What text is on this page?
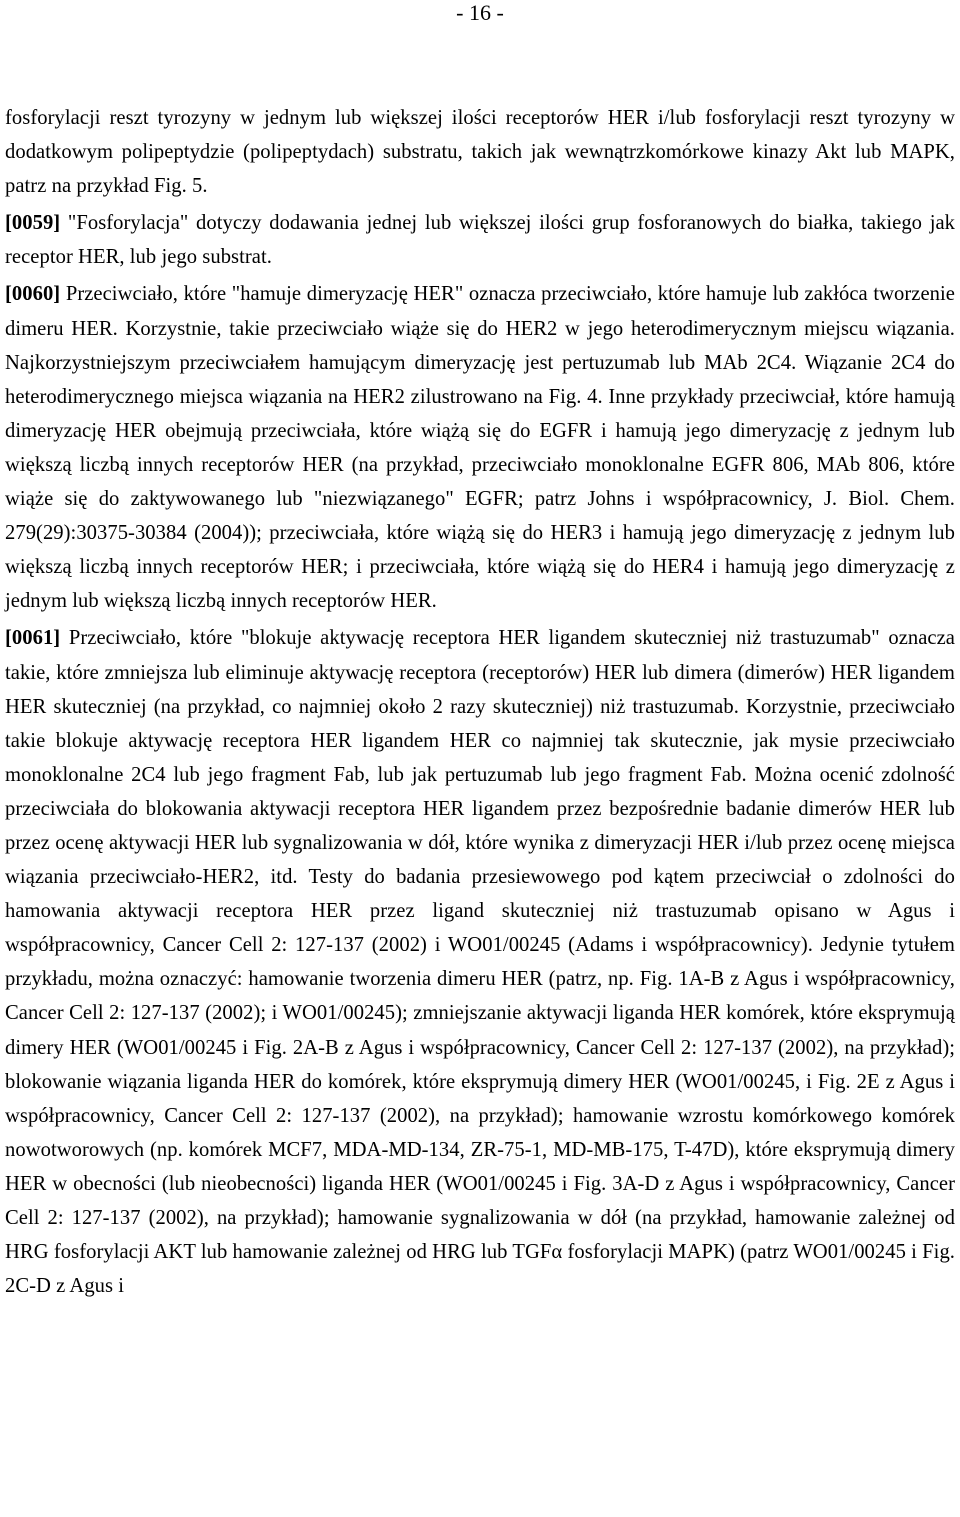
- 16 -

fosforylacji reszt tyrozyny w jednym lub większej ilości receptorów HER i/lub fosforylacji reszt tyrozyny w dodatkowym polipeptydzie (polipeptydach) substratu, takich jak wewnątrzkomórkowe kinazy Akt lub MAPK, patrz na przykład Fig. 5.

[0059] "Fosforylacja" dotyczy dodawania jednej lub większej ilości grup fosforanowych do białka, takiego jak receptor HER, lub jego substrat.

[0060] Przeciwciało, które "hamuje dimeryzację HER" oznacza przeciwciało, które hamuje lub zakłóca tworzenie dimeru HER. Korzystnie, takie przeciwciało wiąże się do HER2 w jego heterodimerycznym miejscu wiązania. Najkorzystniejszym przeciwciałem hamującym dimeryzację jest pertuzumab lub MAb 2C4. Wiązanie 2C4 do heterodimerycznego miejsca wiązania na HER2 zilustrowano na Fig. 4. Inne przykłady przeciwciał, które hamują dimeryzację HER obejmują przeciwciała, które wiążą się do EGFR i hamują jego dimeryzację z jednym lub większą liczbą innych receptorów HER (na przykład, przeciwciało monoklonalne EGFR 806, MAb 806, które wiąże się do zaktywowanego lub "niezwiązanego" EGFR; patrz Johns i współpracownicy, J. Biol. Chem. 279(29):30375-30384 (2004)); przeciwciała, które wiążą się do HER3 i hamują jego dimeryzację z jednym lub większą liczbą innych receptorów HER; i przeciwciała, które wiążą się do HER4 i hamują jego dimeryzację z jednym lub większą liczbą innych receptorów HER.

[0061] Przeciwciało, które "blokuje aktywację receptora HER ligandem skuteczniej niż trastuzumab" oznacza takie, które zmniejsza lub eliminuje aktywację receptora (receptorów) HER lub dimera (dimerów) HER ligandem HER skuteczniej (na przykład, co najmniej około 2 razy skuteczniej) niż trastuzumab. Korzystnie, przeciwciało takie blokuje aktywację receptora HER ligandem HER co najmniej tak skutecznie, jak mysie przeciwciało monoklonalne 2C4 lub jego fragment Fab, lub jak pertuzumab lub jego fragment Fab. Można ocenić zdolność przeciwciała do blokowania aktywacji receptora HER ligandem przez bezpośrednie badanie dimerów HER lub przez ocenę aktywacji HER lub sygnalizowania w dół, które wynika z dimeryzacji HER i/lub przez ocenę miejsca wiązania przeciwciało-HER2, itd. Testy do badania przesiewowego pod kątem przeciwciał o zdolności do hamowania aktywacji receptora HER przez ligand skuteczniej niż trastuzumab opisano w Agus i współpracownicy, Cancer Cell 2: 127-137 (2002) i WO01/00245 (Adams i współpracownicy). Jedynie tytułem przykładu, można oznaczyć: hamowanie tworzenia dimeru HER (patrz, np. Fig. 1A-B z Agus i współpracownicy, Cancer Cell 2: 127-137 (2002); i WO01/00245); zmniejszanie aktywacji liganda HER komórek, które eksprymują dimery HER (WO01/00245 i Fig. 2A-B z Agus i współpracownicy, Cancer Cell 2: 127-137 (2002), na przykład); blokowanie wiązania liganda HER do komórek, które eksprymują dimery HER (WO01/00245, i Fig. 2E z Agus i współpracownicy, Cancer Cell 2: 127-137 (2002), na przykład); hamowanie wzrostu komórkowego komórek nowotworowych (np. komórek MCF7, MDA-MD-134, ZR-75-1, MD-MB-175, T-47D), które eksprymują dimery HER w obecności (lub nieobecności) liganda HER (WO01/00245 i Fig. 3A-D z Agus i współpracownicy, Cancer Cell 2: 127-137 (2002), na przykład); hamowanie sygnalizowania w dół (na przykład, hamowanie zależnej od HRG fosforylacji AKT lub hamowanie zależnej od HRG lub TGFα fosforylacji MAPK) (patrz WO01/00245 i Fig. 2C-D z Agus i
